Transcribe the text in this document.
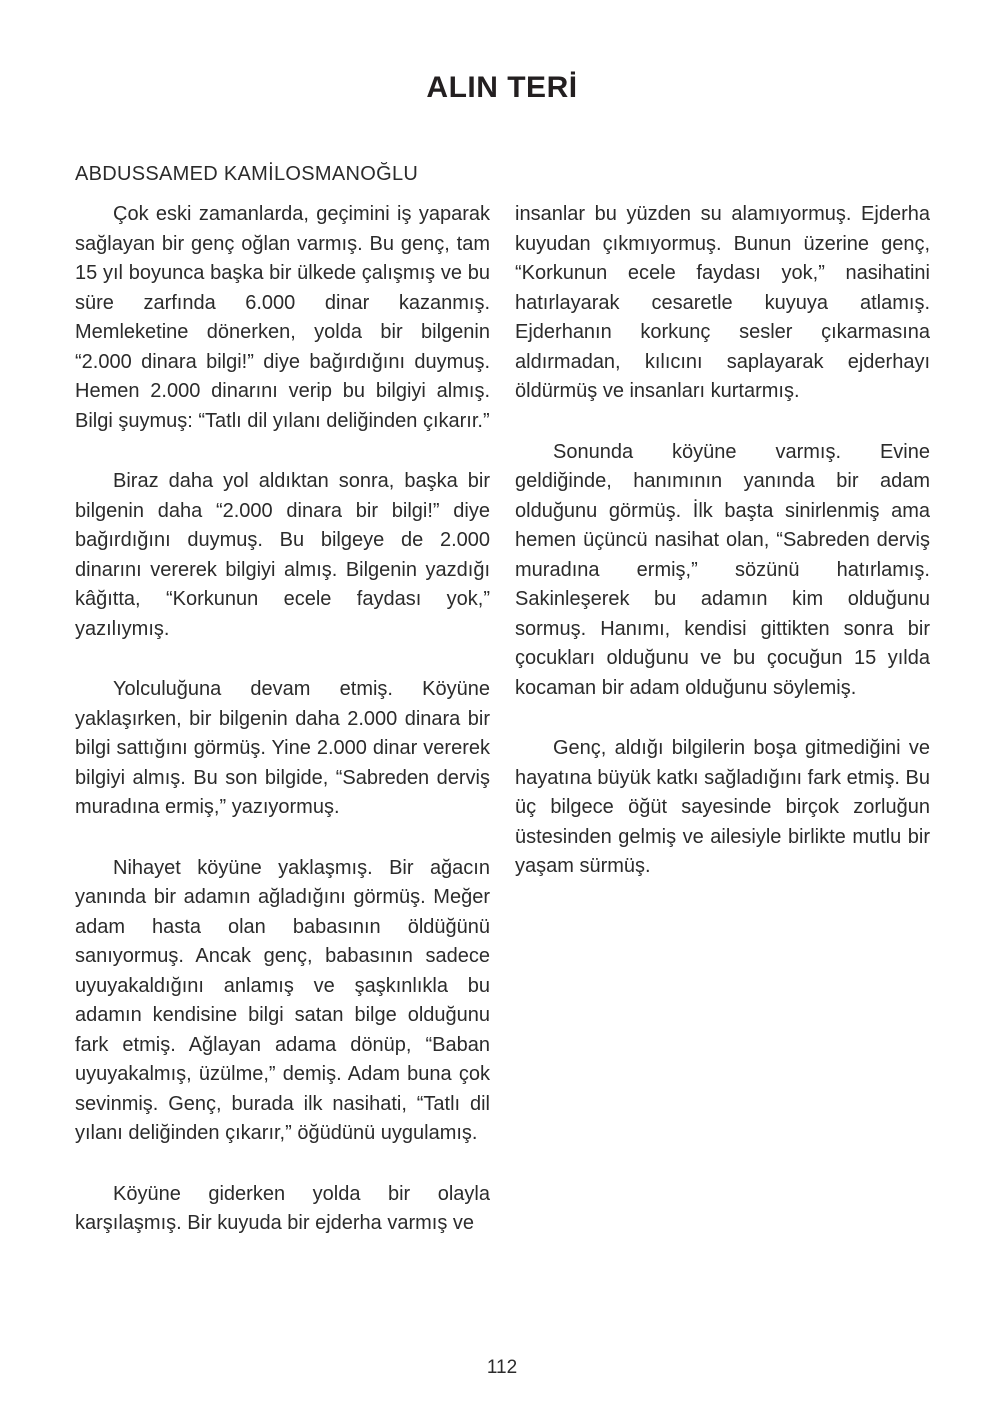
ALIN TERİ
ABDUSSAMED KAMİLOSMANOĞLU

Çok eski zamanlarda, geçimini iş yaparak sağlayan bir genç oğlan varmış. Bu genç, tam 15 yıl boyunca başka bir ülkede çalışmış ve bu süre zarfında 6.000 dinar kazanmış. Memleketine dönerken, yolda bir bilgenin “2.000 dinara bilgi!” diye bağırdığını duymuş. Hemen 2.000 dinarını verip bu bilgiyi almış. Bilgi şuymuş: “Tatlı dil yılanı deliğinden çıkarır.”

Biraz daha yol aldıktan sonra, başka bir bilgenin daha “2.000 dinara bir bilgi!” diye bağırdığını duymuş. Bu bilgeye de 2.000 dinarını vererek bilgiyi almış. Bilgenin yazdığı kâğıtta, “Korkunun ecele faydası yok,” yazılıymış.

Yolculuğuna devam etmiş. Köyüne yaklaşırken, bir bilgenin daha 2.000 dinara bir bilgi sattığını görmüş. Yine 2.000 dinar vererek bilgiyi almış. Bu son bilgide, “Sabreden derviş muradına ermiş,” yazıyormuş.

Nihayet köyüne yaklaşmış. Bir ağacın yanında bir adamın ağladığını görmüş. Meğer adam hasta olan babasının öldüğünü sanıyormuş. Ancak genç, babasının sadece uyuyakaldığını anlamış ve şaşkınlıkla bu adamın kendisine bilgi satan bilge olduğunu fark etmiş. Ağlayan adama dönüp, “Baban uyuyakalmış, üzülme,” demiş. Adam buna çok sevinmiş. Genç, burada ilk nasihati, “Tatlı dil yılanı deliğinden çıkarır,” öğüdünü uygulamış.

Köyüne giderken yolda bir olayla karşılaşmış. Bir kuyuda bir ejderha varmış ve

insanlar bu yüzden su alamıyormuş. Ejderha kuyudan çıkmıyormuş. Bunun üzerine genç, “Korkunun ecele faydası yok,” nasihatini hatırlayarak cesaretle kuyuya atlamış. Ejderhanın korkunç sesler çıkarmasına aldırmadan, kılıcını saplayarak ejderhayı öldürmüş ve insanları kurtarmış.

Sonunda köyüne varmış. Evine geldiğinde, hanımının yanında bir adam olduğunu görmüş. İlk başta sinirlenmiş ama hemen üçüncü nasihat olan, “Sabreden derviş muradına ermiş,” sözünü hatırlamış. Sakinleşerek bu adamın kim olduğunu sormuş. Hanımı, kendisi gittikten sonra bir çocukları olduğunu ve bu çocuğun 15 yılda kocaman bir adam olduğunu söylemiş.

Genç, aldığı bilgilerin boşa gitmediğini ve hayatına büyük katkı sağladığını fark etmiş. Bu üç bilgece öğüt sayesinde birçok zorluğun üstesinden gelmiş ve ailesiyle birlikte mutlu bir yaşam sürmüş.

112
